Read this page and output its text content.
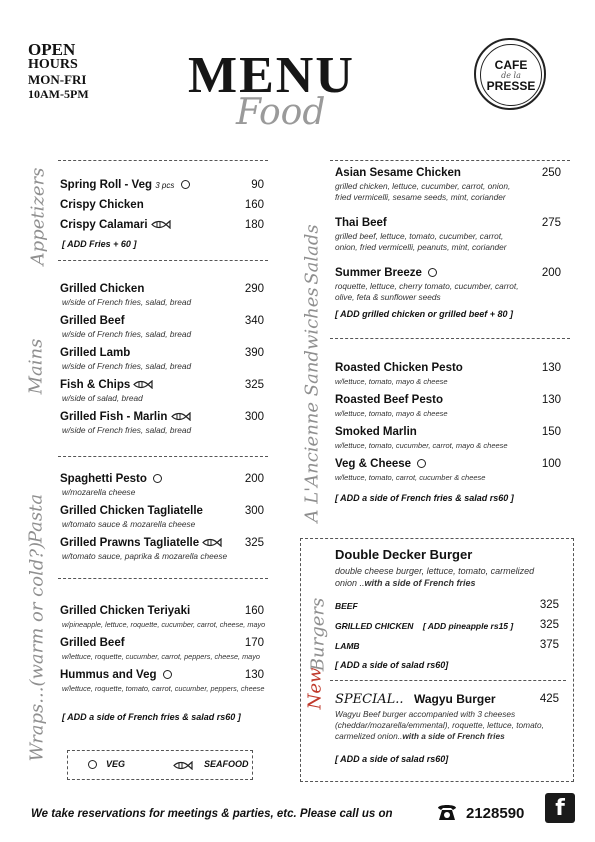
OPEN
HOURS
MON-FRI
10AM-5PM MENU
Food
CAFE
de la
PRESSE
Appetizers
Mains
Pasta
Wraps...(warm or cold?)
Salads
A L'Ancienne Sandwiches
New
Burgers
Spring Roll - Veg 3 pcs	90
Crispy Chicken	160
Crispy Calamari	180
[ ADD Fries + 60 ]
Grilled Chicken	290
w/side of French fries, salad, bread
Grilled Beef	340
w/side of French fries, salad, bread
Grilled Lamb	390
w/side of French fries, salad, bread
Fish & Chips	325
w/side of salad, bread
Grilled Fish - Marlin	300
w/side of French fries, salad, bread
Spaghetti Pesto	200
w/mozarella cheese
Grilled Chicken Tagliatelle	300
w/tomato sauce & mozarella cheese
Grilled Prawns Tagliatelle	325
w/tomato sauce, paprika & mozarella cheese
Grilled Chicken Teriyaki	160
w/pineapple, lettuce, roquette, cucumber, carrot, cheese, mayo
Grilled Beef	170
w/lettuce, roquette, cucumber, carrot, peppers, cheese, mayo
Hummus and Veg	130
w/lettuce, roquette, tomato, carrot, cucumber, peppers, cheese
[ ADD a side of French fries & salad rs60 ]
VEG	SEAFOOD
Asian Sesame Chicken	250
grilled chicken, lettuce, cucumber, carrot, onion, fried vermicelli, sesame seeds, mint, coriander
Thai Beef	275
grilled beef, lettuce, tomato, cucumber, carrot, onion, fried vermicelli, peanuts, mint, coriander
Summer Breeze	200
roquette, lettuce, cherry tomato, cucumber, carrot, olive, feta & sunflower seeds
[ ADD grilled chicken or grilled beef + 80 ]
Roasted Chicken Pesto	130
w/lettuce, tomato, mayo & cheese
Roasted Beef Pesto	130
w/lettuce, tomato, mayo & cheese
Smoked Marlin	150
w/lettuce, tomato, cucumber, carrot, mayo & cheese
Veg & Cheese	100
w/lettuce, tomato, carrot, cucumber & cheese
[ ADD a side of French fries & salad rs60 ]
Double Decker Burger
double cheese burger, lettuce, tomato, carmelized onion ..with a side of French fries
BEEF	325
GRILLED CHICKEN [ ADD pineapple rs15 ]	325
LAMB	375
[ ADD a side of salad rs60]
SPECIAL.. Wagyu Burger	425
Wagyu Beef burger accompanied with 3 cheeses (cheddar/mozarella/emmental), roquette, lettuce, tomato, carmelized onion..with a side of French fries
[ ADD a side of salad rs60]
We take reservations for meetings & parties, etc. Please call us on	2128590	f
